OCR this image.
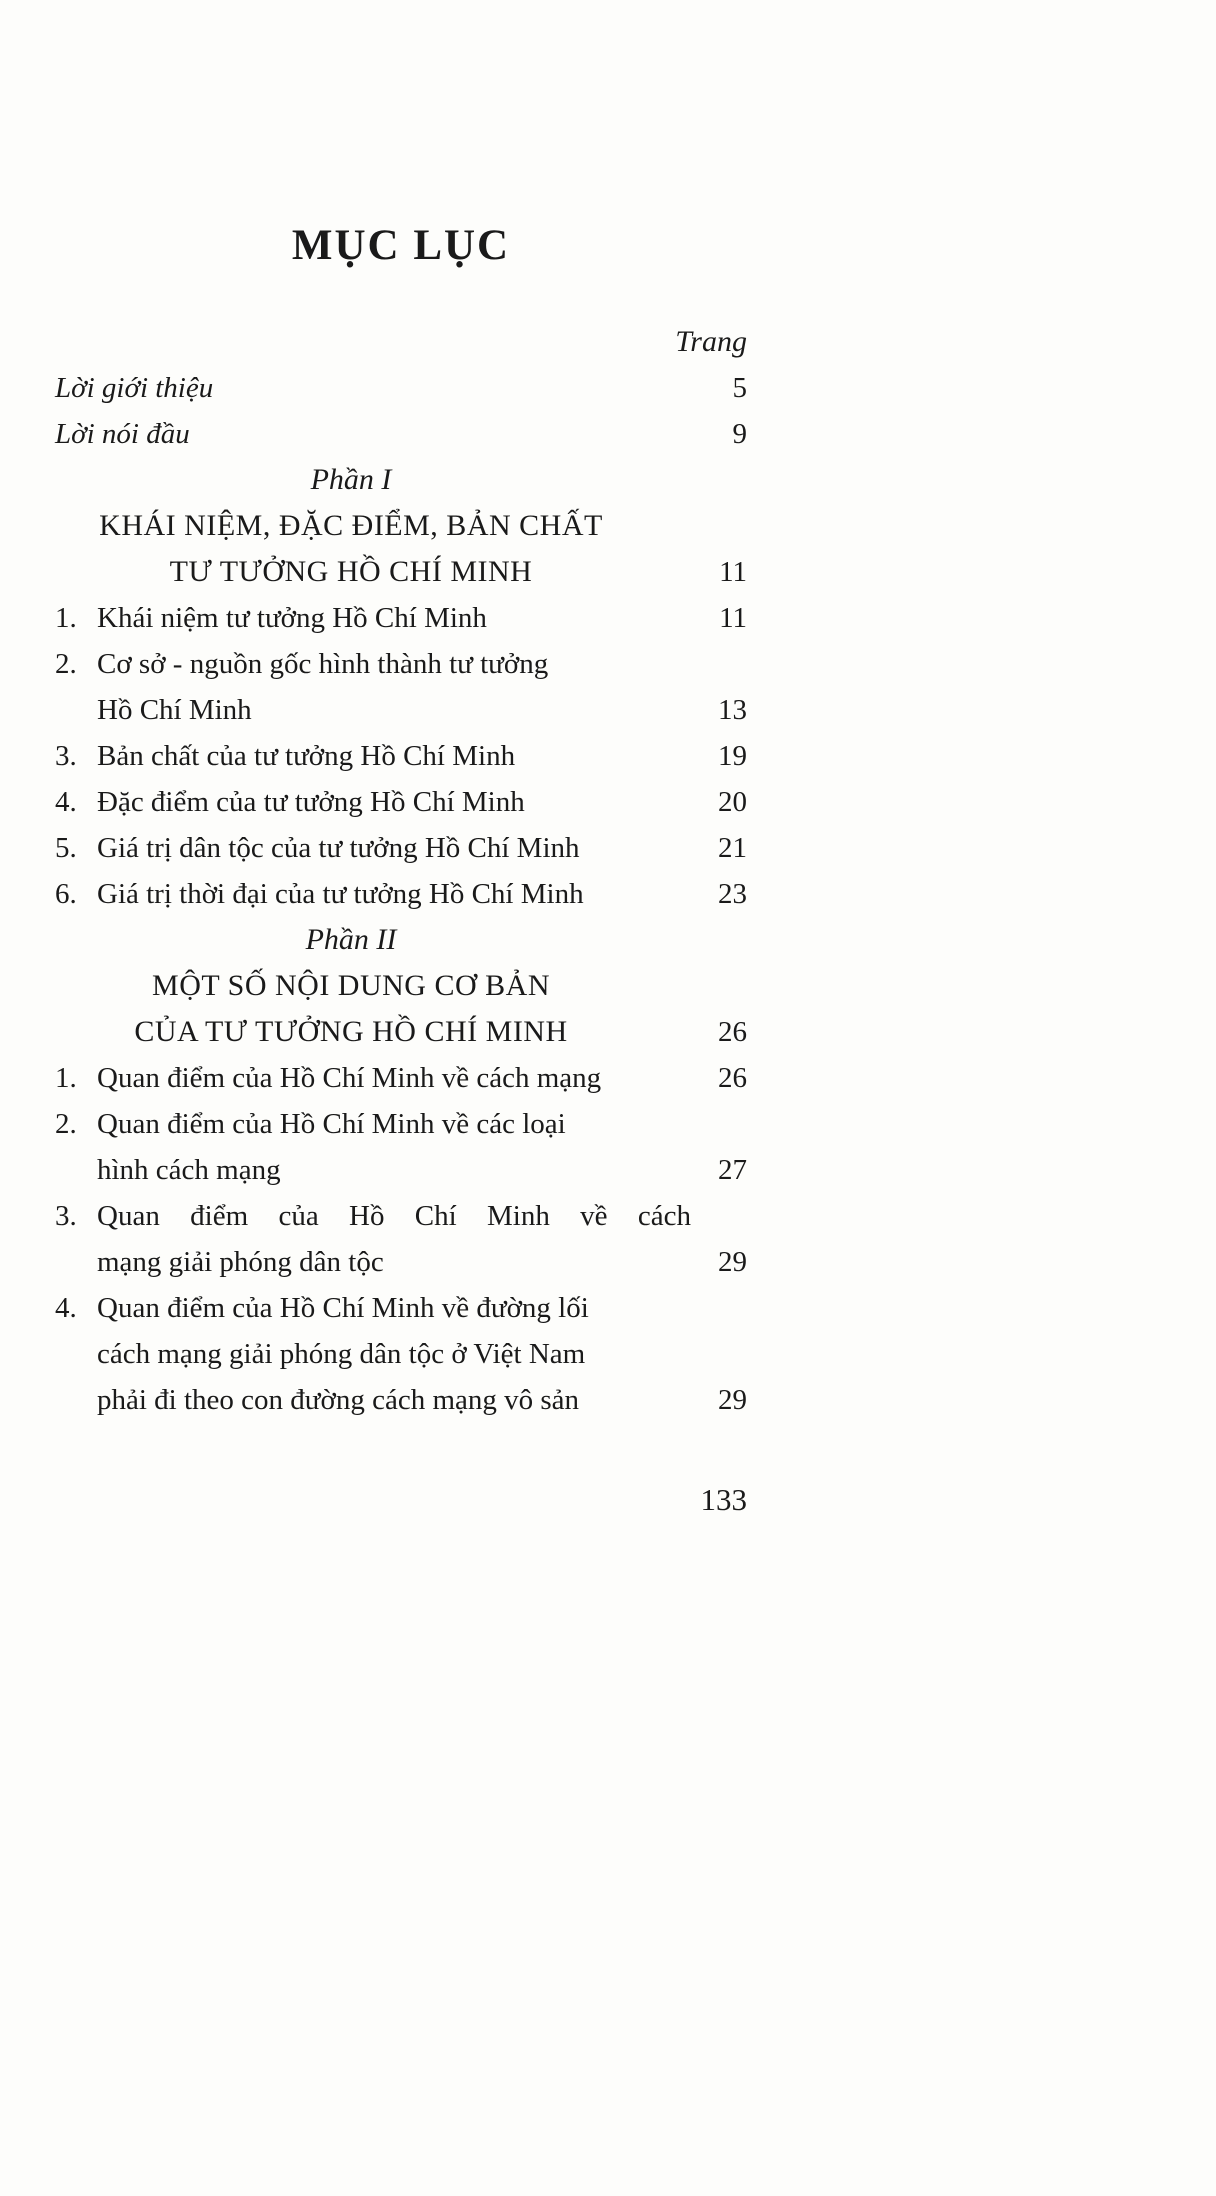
MỤC LỤC
Trang
Lời giới thiệu	5
Lời nói đầu	9
Phần I
KHÁI NIỆM, ĐẶC ĐIỂM, BẢN CHẤT
TƯ TƯỞNG HỒ CHÍ MINH	11
1. Khái niệm tư tưởng Hồ Chí Minh	11
2. Cơ sở - nguồn gốc hình thành tư tưởng
Hồ Chí Minh	13
3. Bản chất của tư tưởng Hồ Chí Minh	19
4. Đặc điểm của tư tưởng Hồ Chí Minh	20
5. Giá trị dân tộc của tư tưởng Hồ Chí Minh	21
6. Giá trị thời đại của tư tưởng Hồ Chí Minh	23
Phần II
MỘT SỐ NỘI DUNG CƠ BẢN
CỦA TƯ TƯỞNG HỒ CHÍ MINH	26
1. Quan điểm của Hồ Chí Minh về cách mạng	26
2. Quan điểm của Hồ Chí Minh về các loại
hình cách mạng	27
3. Quan điểm của Hồ Chí Minh về cách
mạng giải phóng dân tộc	29
4. Quan điểm của Hồ Chí Minh về đường lối
cách mạng giải phóng dân tộc ở Việt Nam
phải đi theo con đường cách mạng vô sản	29
133
